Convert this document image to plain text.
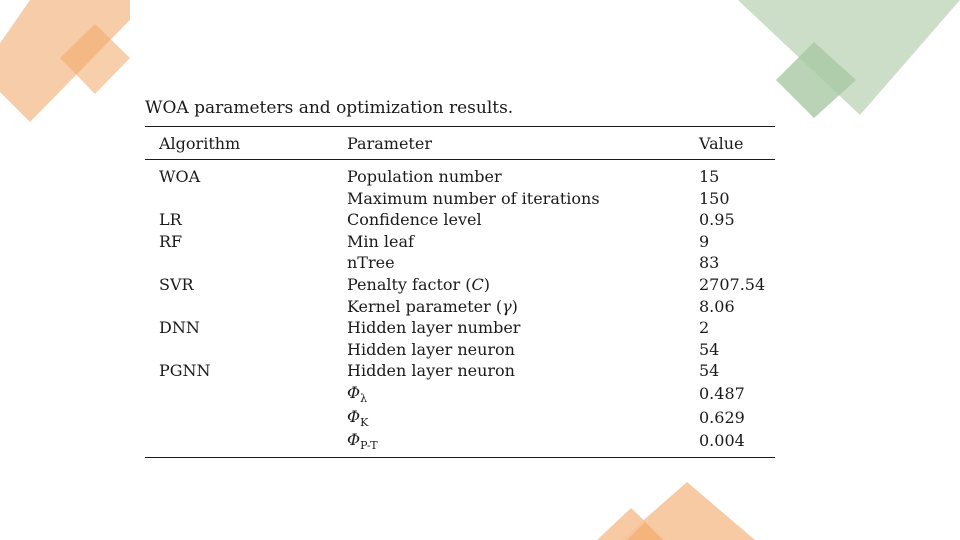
WOA parameters and optimization results.
Algorithm	Parameter	Value
WOA	Population number	15
	Maximum number of iterations	150
LR	Confidence level	0.95
RF	Min leaf	9
	nTree	83
SVR	Penalty factor (C)	2707.54
	Kernel parameter (γ)	8.06
DNN	Hidden layer number	2
	Hidden layer neuron	54
PGNN	Hidden layer neuron	54
	$\Phi_\lambda$	0.487
	$\Phi_K$	0.629
	$\Phi_{P-T}$	0.004
